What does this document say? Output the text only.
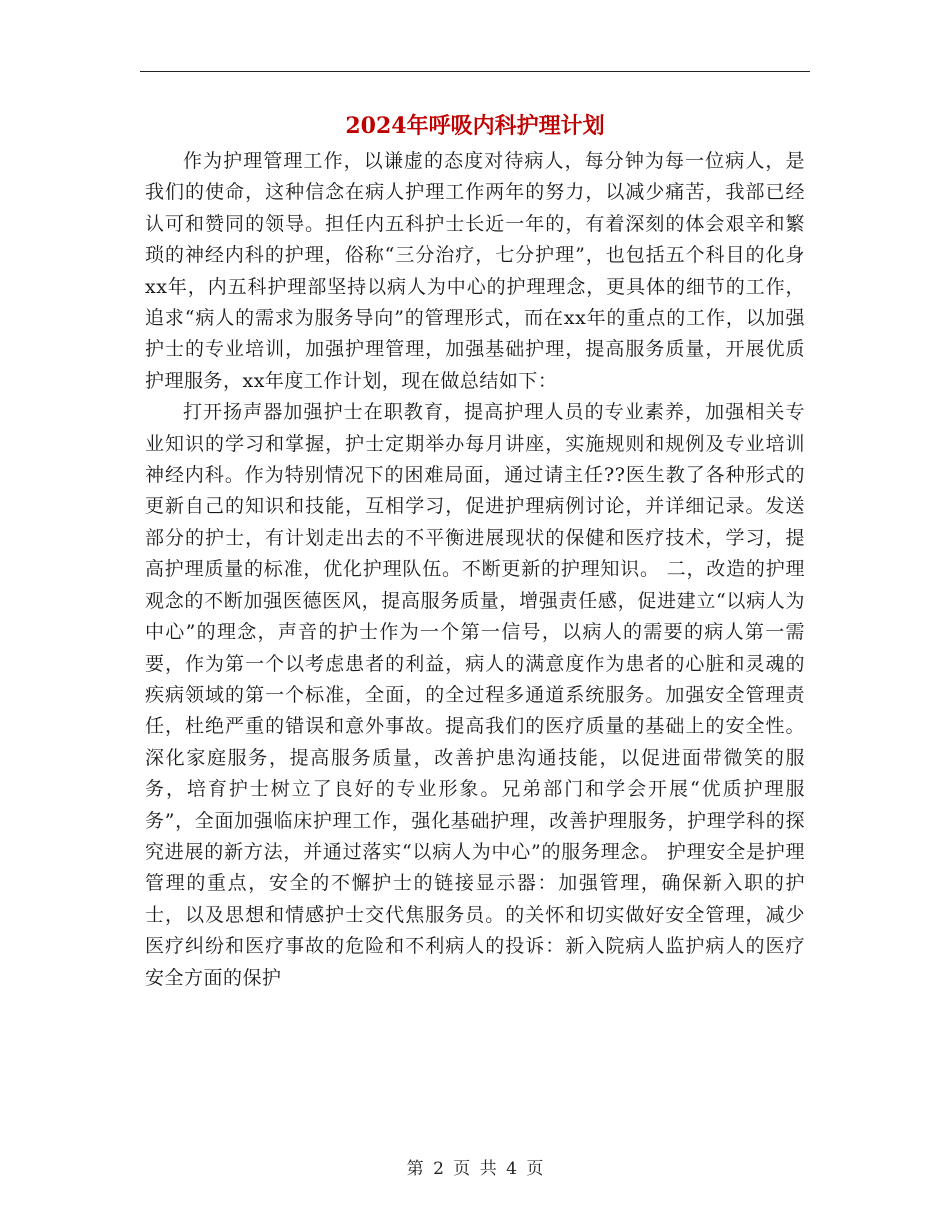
2024年呼吸内科护理计划

作为护理管理工作，以谦虚的态度对待病人，每分钟为每一位病人，是我们的使命，这种信念在病人护理工作两年的努力，以减少痛苦，我部已经认可和赞同的领导。担任内五科护士长近一年的，有着深刻的体会艰辛和繁琐的神经内科的护理，俗称“三分治疗，七分护理”，也包括五个科目的化身xx年，内五科护理部坚持以病人为中心的护理理念，更具体的细节的工作，追求“病人的需求为服务导向”的管理形式，而在xx年的重点的工作，以加强护士的专业培训，加强护理管理，加强基础护理，提高服务质量，开展优质护理服务，xx年度工作计划，现在做总结如下：

打开扬声器加强护士在职教育，提高护理人员的专业素养，加强相关专业知识的学习和掌握，护士定期举办每月讲座，实施规则和规例及专业培训神经内科。作为特别情况下的困难局面，通过请主任??医生教了各种形式的更新自己的知识和技能，互相学习，促进护理病例讨论，并详细记录。发送部分的护士，有计划走出去的不平衡进展现状的保健和医疗技术，学习，提高护理质量的标准，优化护理队伍。不断更新的护理知识。 二，改造的护理观念的不断加强医德医风，提高服务质量，增强责任感，促进建立“以病人为中心”的理念，声音的护士作为一个第一信号，以病人的需要的病人第一需要，作为第一个以考虑患者的利益，病人的满意度作为患者的心脏和灵魂的疾病领域的第一个标准，全面，的全过程多通道系统服务。加强安全管理责任，杜绝严重的错误和意外事故。提高我们的医疗质量的基础上的安全性。深化家庭服务，提高服务质量，改善护患沟通技能，以促进面带微笑的服务，培育护士树立了良好的专业形象。兄弟部门和学会开展“优质护理服务”，全面加强临床护理工作，强化基础护理，改善护理服务，护理学科的探究进展的新方法，并通过落实“以病人为中心”的服务理念。 护理安全是护理管理的重点，安全的不懈护士的链接显示器：加强管理，确保新入职的护士，以及思想和情感护士交代焦服务员。的关怀和切实做好安全管理，减少医疗纠纷和医疗事故的危险和不利病人的投诉：新入院病人监护病人的医疗安全方面的保护

第 2 页 共 4 页
